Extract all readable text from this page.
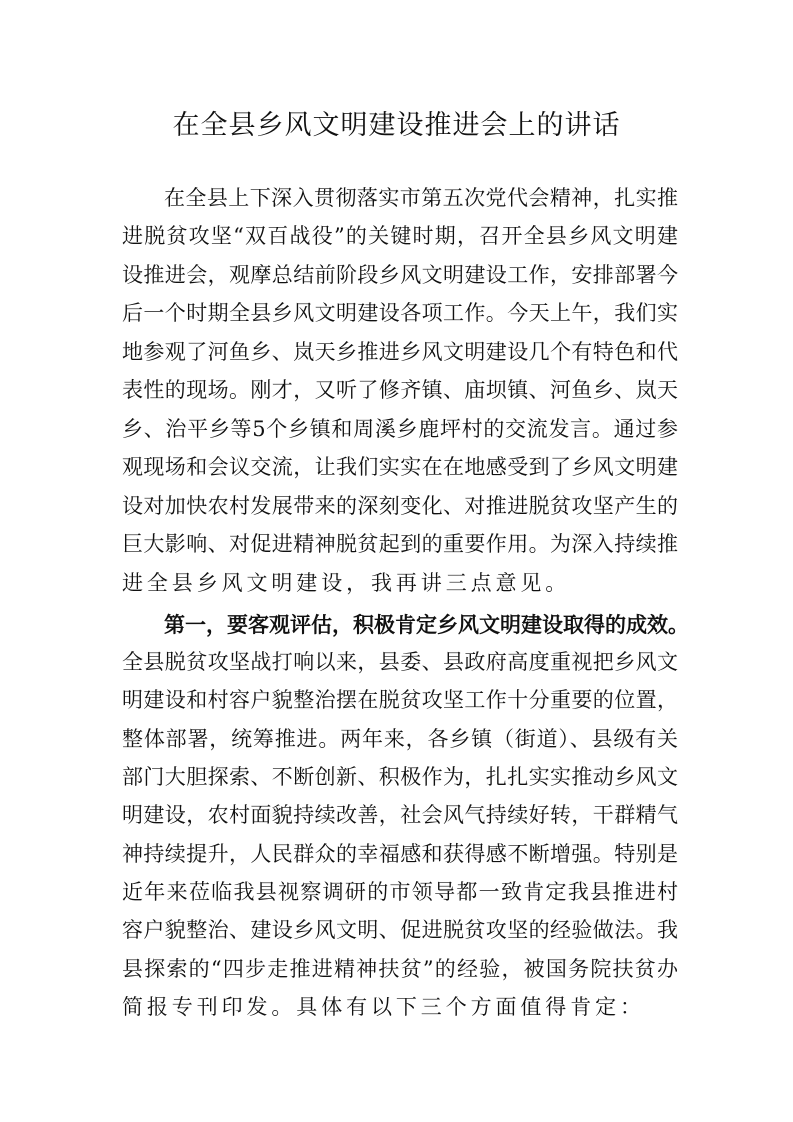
在全县乡风文明建设推进会上的讲话
在全县上下深入贯彻落实市第五次党代会精神，扎实推
进脱贫攻坚“双百战役”的关键时期，召开全县乡风文明建
设推进会，观摩总结前阶段乡风文明建设工作，安排部署今
后一个时期全县乡风文明建设各项工作。今天上午，我们实
地参观了河鱼乡、岚天乡推进乡风文明建设几个有特色和代
表性的现场。刚才，又听了修齐镇、庙坝镇、河鱼乡、岚天
乡、治平乡等5个乡镇和周溪乡鹿坪村的交流发言。通过参
观现场和会议交流，让我们实实在在地感受到了乡风文明建
设对加快农村发展带来的深刻变化、对推进脱贫攻坚产生的
巨大影响、对促进精神脱贫起到的重要作用。为深入持续推
进全县乡风文明建设，我再讲三点意见。
第一，要客观评估，积极肯定乡风文明建设取得的成效。
全县脱贫攻坚战打响以来，县委、县政府高度重视把乡风文
明建设和村容户貌整治摆在脱贫攻坚工作十分重要的位置，
整体部署，统筹推进。两年来，各乡镇（街道）、县级有关
部门大胆探索、不断创新、积极作为，扎扎实实推动乡风文
明建设，农村面貌持续改善，社会风气持续好转，干群精气
神持续提升，人民群众的幸福感和获得感不断增强。特别是
近年来莅临我县视察调研的市领导都一致肯定我县推进村
容户貌整治、建设乡风文明、促进脱贫攻坚的经验做法。我
县探索的“四步走推进精神扶贫”的经验，被国务院扶贫办
简报专刊印发。具体有以下三个方面值得肯定：
